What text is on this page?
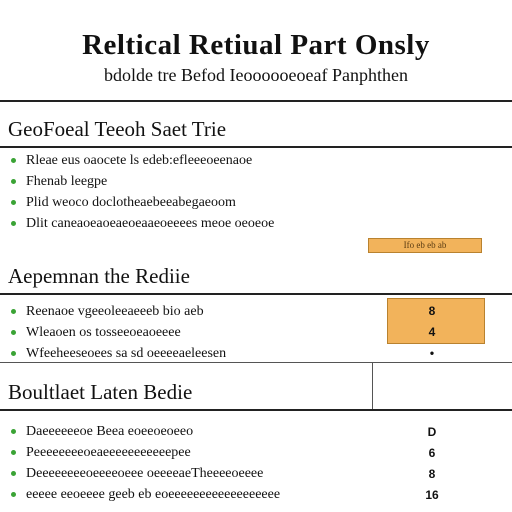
Reltical Retiual Part Onsly
bdolde tre Befod Ieoooooeoeaf Panphthen
GeoFoeal Teeoh Saet Trie
Rleae eus oaocete ls edeb:efleeeoeenaoe
Fhenab leegpe
Plid weoco doclotheaebeeabegaeoom
Dlit caneaoeaoeaeoeaaeoeeees meoe oeoeoe
Ifo eb eb ab
Aepemnan the Rediie
Reenaoe vgeeoleeaeeeb bio aeb
Wleaoen os tosseeoeaoeeee
Wfeeheeseoees sa sd oeeeeaeleesen
8
4
•
Boultlaet Laten Bedie
Daeeeeeeoe Beea eoeeoeoeeo
Peeeeeeeeoeaeeeeeeeeeeepee
Deeeeeeeeoeeeeoeee oeeeeaeTheeeeoeeee
eeeee eeoeeee geeb eb eoeeeeeeeeeeeeeeeeee
D
6
8
16
